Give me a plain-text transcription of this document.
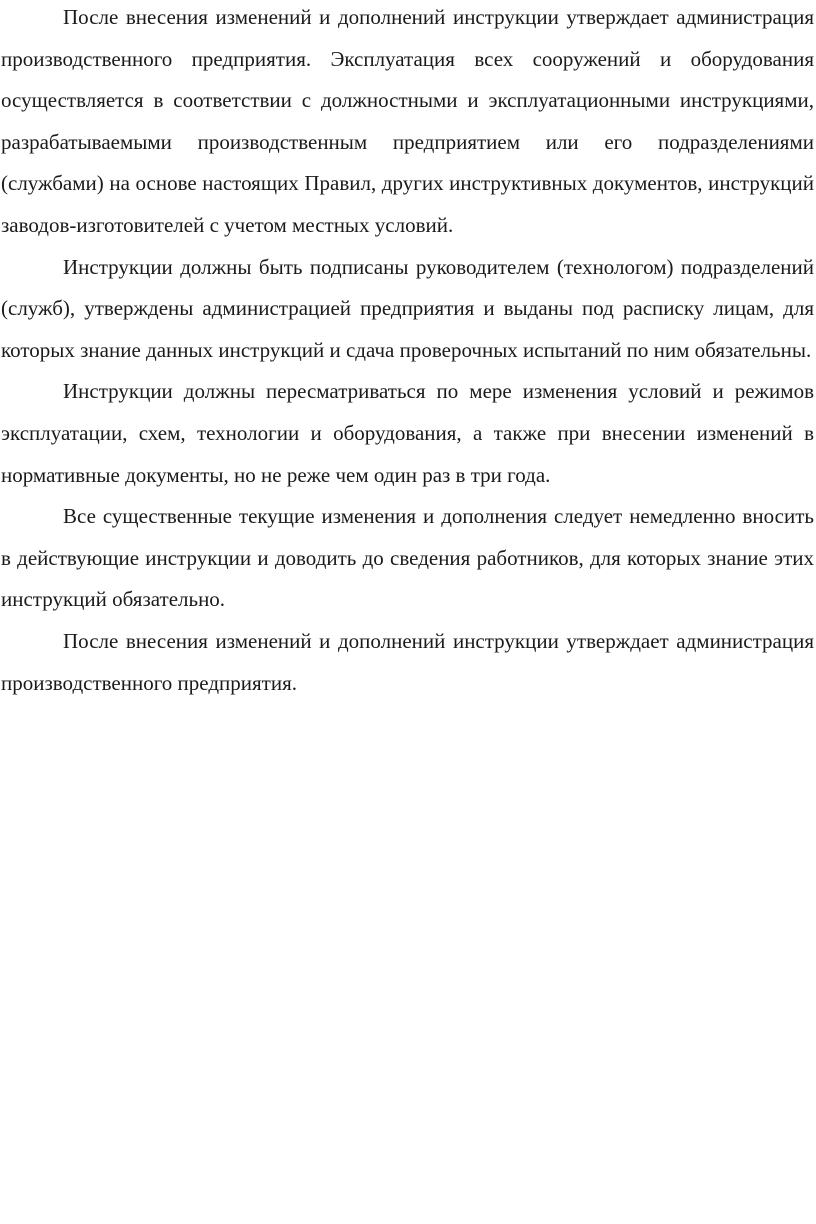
После внесения изменений и дополнений инструкции утверждает администрация производственного предприятия. Эксплуатация всех сооружений и оборудования осуществляется в соответствии с должностными и эксплуатационными инструкциями, разрабатываемыми производственным предприятием или его подразделениями (службами) на основе настоящих Правил, других инструктивных документов, инструкций заводов-изготовителей с учетом местных условий.

Инструкции должны быть подписаны руководителем (технологом) подразделений (служб), утверждены администрацией предприятия и выданы под расписку лицам, для которых знание данных инструкций и сдача проверочных испытаний по ним обязательны.

Инструкции должны пересматриваться по мере изменения условий и режимов эксплуатации, схем, технологии и оборудования, а также при внесении изменений в нормативные документы, но не реже чем один раз в три года.

Все существенные текущие изменения и дополнения следует немедленно вносить в действующие инструкции и доводить до сведения работников, для которых знание этих инструкций обязательно.

После внесения изменений и дополнений инструкции утверждает администрация производственного предприятия.
